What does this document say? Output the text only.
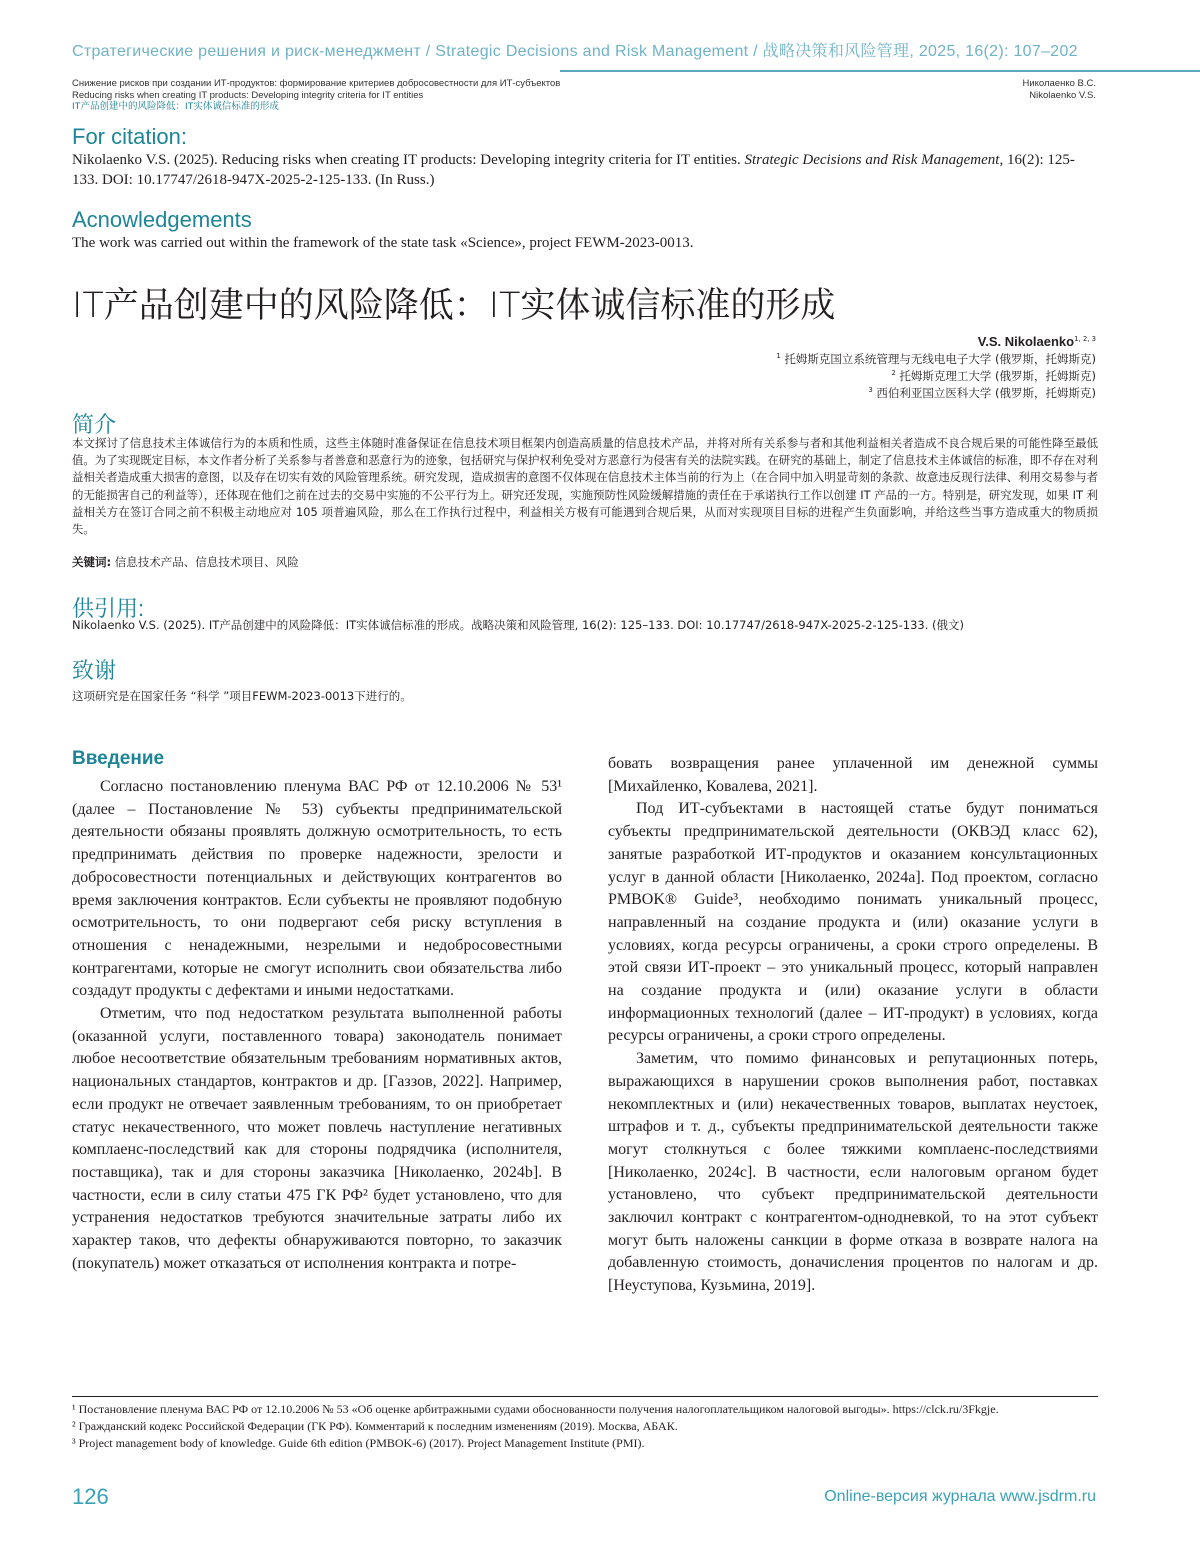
Стратегические решения и риск-менеджмент / Strategic Decisions and Risk Management / 战略决策和风险管理, 2025, 16(2): 107–202
Снижение рисков при создании ИТ-продуктов: формирование критериев добросовестности для ИТ-субъектов
Reducing risks when creating IT products: Developing integrity criteria for IT entities
IT产品创建中的风险降低：IT实体诚信标准的形成
Николаенко В.С.
Nikolaenko V.S.
For citation:
Nikolaenko V.S. (2025). Reducing risks when creating IT products: Developing integrity criteria for IT entities. Strategic Decisions and Risk Management, 16(2): 125-133. DOI: 10.17747/2618-947X-2025-2-125-133. (In Russ.)
Acnowledgements
The work was carried out within the framework of the state task «Science», project FEWM-2023-0013.
IT产品创建中的风险降低：IT实体诚信标准的形成
V.S. Nikolaenko$^{1, 2, 3}$
$^1$ 托姆斯克国立系统管理与无线电电子大学 (俄罗斯，托姆斯克)
$^2$ 托姆斯克理工大学 (俄罗斯，托姆斯克)
$^3$ 西伯利亚国立医科大学 (俄罗斯，托姆斯克)
简介
本文探讨了信息技术主体诚信行为的本质和性质，这些主体随时准备保证在信息技术项目框架内创造高质量的信息技术产品，并将对所有关系参与者和其他利益相关者造成不良合规后果的可能性降至最低值。为了实现既定目标，本文作者分析了关系参与者善意和恶意行为的迹象，包括研究与保护权利免受对方恶意行为侵害有关的法院实践。在研究的基础上，制定了信息技术主体诚信的标准，即不存在对利益相关者造成重大损害的意图，以及存在切实有效的风险管理系统。研究发现，造成损害的意图不仅体现在信息技术主体当前的行为上（在合同中加入明显苛刻的条款、故意违反现行法律、利用交易参与者的无能损害自己的利益等），还体现在他们之前在过去的交易中实施的不公平行为上。研究还发现，实施预防性风险缓解措施的责任在于承诺执行工作以创建 IT 产品的一方。特别是，研究发现，如果 IT 利益相关方在签订合同之前不积极主动地应对 105 项普遍风险，那么在工作执行过程中，利益相关方极有可能遇到合规后果，从而对实现项目目标的进程产生负面影响，并给这些当事方造成重大的物质损失。
关键词: 信息技术产品、信息技术项目、风险
供引用:
Nikolaenko V.S. (2025). IT产品创建中的风险降低：IT实体诚信标准的形成。战略决策和风险管理, 16(2): 125–133. DOI: 10.17747/2618-947X-2025-2-125-133. (俄文)
致谢
这项研究是在国家任务 “科学 ”项目FEWM-2023-0013下进行的。
Введение

Согласно постановлению пленума ВАС РФ от 12.10.2006 № 53¹ (далее – Постановление № 53) субъекты предпринимательской деятельности обязаны проявлять должную осмотрительность, то есть предпринимать действия по проверке надежности, зрелости и добросовестности потенциальных и действующих контрагентов во время заключения контрактов. Если субъекты не проявляют подобную осмотрительность, то они подвергают себя риску вступления в отношения с ненадежными, незрелыми и недобросовестными контрагентами, которые не смогут исполнить свои обязательства либо создадут продукты с дефектами и иными недостатками.

Отметим, что под недостатком результата выполненной работы (оказанной услуги, поставленного товара) законодатель понимает любое несоответствие обязательным требованиям нормативных актов, национальных стандартов, контрактов и др. [Газзов, 2022]. Например, если продукт не отвечает заявленным требованиям, то он приобретает статус некачественного, что может повлечь наступление негативных комплаенс-последствий как для стороны подрядчика (исполнителя, поставщика), так и для стороны заказчика [Николаенко, 2024b]. В частности, если в силу статьи 475 ГК РФ² будет установлено, что для устранения недостатков требуются значительные затраты либо их характер таков, что дефекты обнаруживаются повторно, то заказчик (покупатель) может отказаться от исполнения контракта и потре-

бовать возвращения ранее уплаченной им денежной суммы [Михайленко, Ковалева, 2021].

Под ИТ-субъектами в настоящей статье будут пониматься субъекты предпринимательской деятельности (ОКВЭД класс 62), занятые разработкой ИТ-продуктов и оказанием консультационных услуг в данной области [Николаенко, 2024a]. Под проектом, согласно PMBOK® Guide³, необходимо понимать уникальный процесс, направленный на создание продукта и (или) оказание услуги в условиях, когда ресурсы ограничены, а сроки строго определены. В этой связи ИТ-проект – это уникальный процесс, который направлен на создание продукта и (или) оказание услуги в области информационных технологий (далее – ИТ-продукт) в условиях, когда ресурсы ограничены, а сроки строго определены.

Заметим, что помимо финансовых и репутационных потерь, выражающихся в нарушении сроков выполнения работ, поставках некомплектных и (или) некачественных товаров, выплатах неустоек, штрафов и т. д., субъекты предпринимательской деятельности также могут столкнуться с более тяжкими комплаенс-последствиями [Николаенко, 2024c]. В частности, если налоговым органом будет установлено, что субъект предпринимательской деятельности заключил контракт с контрагентом-однодневкой, то на этот субъект могут быть наложены санкции в форме отказа в возврате налога на добавленную стоимость, доначисления процентов по налогам и др. [Неуступова, Кузьмина, 2019].

¹ Постановление пленума ВАС РФ от 12.10.2006 № 53 «Об оценке арбитражными судами обоснованности получения налогоплательщиком налоговой выгоды». https://clck.ru/3Fkgje.
² Гражданский кодекс Российской Федерации (ГК РФ). Комментарий к последним изменениям (2019). Москва, АБАК.
³ Project management body of knowledge. Guide 6th edition (PMBOK-6) (2017). Project Management Institute (PMI).
126	Online-версия журнала www.jsdrm.ru
